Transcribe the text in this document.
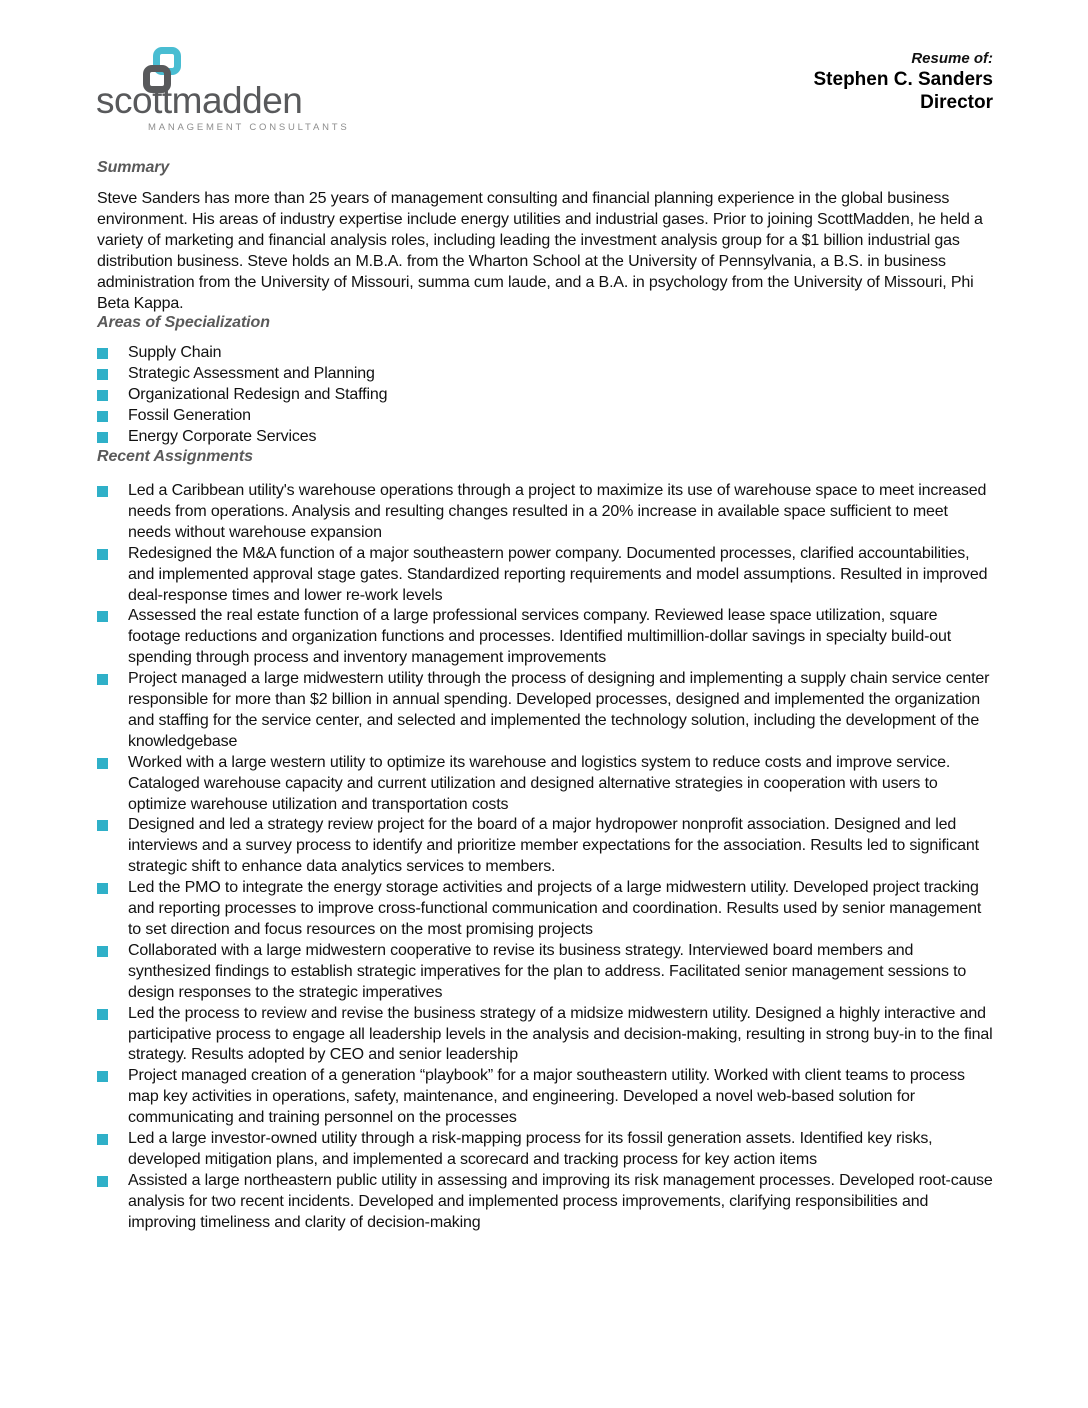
scottmadden
MANAGEMENT CONSULTANTS
Resume of:
Stephen C. Sanders
Director
Summary

Steve Sanders has more than 25 years of management consulting and financial planning experience in the global business environment. His areas of industry expertise include energy utilities and industrial gases. Prior to joining ScottMadden, he held a variety of marketing and financial analysis roles, including leading the investment analysis group for a $1 billion industrial gas distribution business. Steve holds an M.B.A. from the Wharton School at the University of Pennsylvania, a B.S. in business administration from the University of Missouri, summa cum laude, and a B.A. in psychology from the University of Missouri, Phi Beta Kappa.

Areas of Specialization
Supply Chain
Strategic Assessment and Planning
Organizational Redesign and Staffing
Fossil Generation
Energy Corporate Services
Recent Assignments
Led a Caribbean utility's warehouse operations through a project to maximize its use of warehouse space to meet increased needs from operations. Analysis and resulting changes resulted in a 20% increase in available space sufficient to meet needs without warehouse expansion
Redesigned the M&A function of a major southeastern power company. Documented processes, clarified accountabilities, and implemented approval stage gates. Standardized reporting requirements and model assumptions. Resulted in improved deal-response times and lower re-work levels
Assessed the real estate function of a large professional services company. Reviewed lease space utilization, square footage reductions and organization functions and processes. Identified multimillion-dollar savings in specialty build-out spending through process and inventory management improvements
Project managed a large midwestern utility through the process of designing and implementing a supply chain service center responsible for more than $2 billion in annual spending. Developed processes, designed and implemented the organization and staffing for the service center, and selected and implemented the technology solution, including the development of the knowledgebase
Worked with a large western utility to optimize its warehouse and logistics system to reduce costs and improve service. Cataloged warehouse capacity and current utilization and designed alternative strategies in cooperation with users to optimize warehouse utilization and transportation costs
Designed and led a strategy review project for the board of a major hydropower nonprofit association. Designed and led interviews and a survey process to identify and prioritize member expectations for the association. Results led to significant strategic shift to enhance data analytics services to members.
Led the PMO to integrate the energy storage activities and projects of a large midwestern utility. Developed project tracking and reporting processes to improve cross-functional communication and coordination. Results used by senior management to set direction and focus resources on the most promising projects
Collaborated with a large midwestern cooperative to revise its business strategy. Interviewed board members and synthesized findings to establish strategic imperatives for the plan to address. Facilitated senior management sessions to design responses to the strategic imperatives
Led the process to review and revise the business strategy of a midsize midwestern utility. Designed a highly interactive and participative process to engage all leadership levels in the analysis and decision-making, resulting in strong buy-in to the final strategy. Results adopted by CEO and senior leadership
Project managed creation of a generation “playbook” for a major southeastern utility. Worked with client teams to process map key activities in operations, safety, maintenance, and engineering. Developed a novel web-based solution for communicating and training personnel on the processes
Led a large investor-owned utility through a risk-mapping process for its fossil generation assets. Identified key risks, developed mitigation plans, and implemented a scorecard and tracking process for key action items
Assisted a large northeastern public utility in assessing and improving its risk management processes. Developed root-cause analysis for two recent incidents. Developed and implemented process improvements, clarifying responsibilities and improving timeliness and clarity of decision-making
